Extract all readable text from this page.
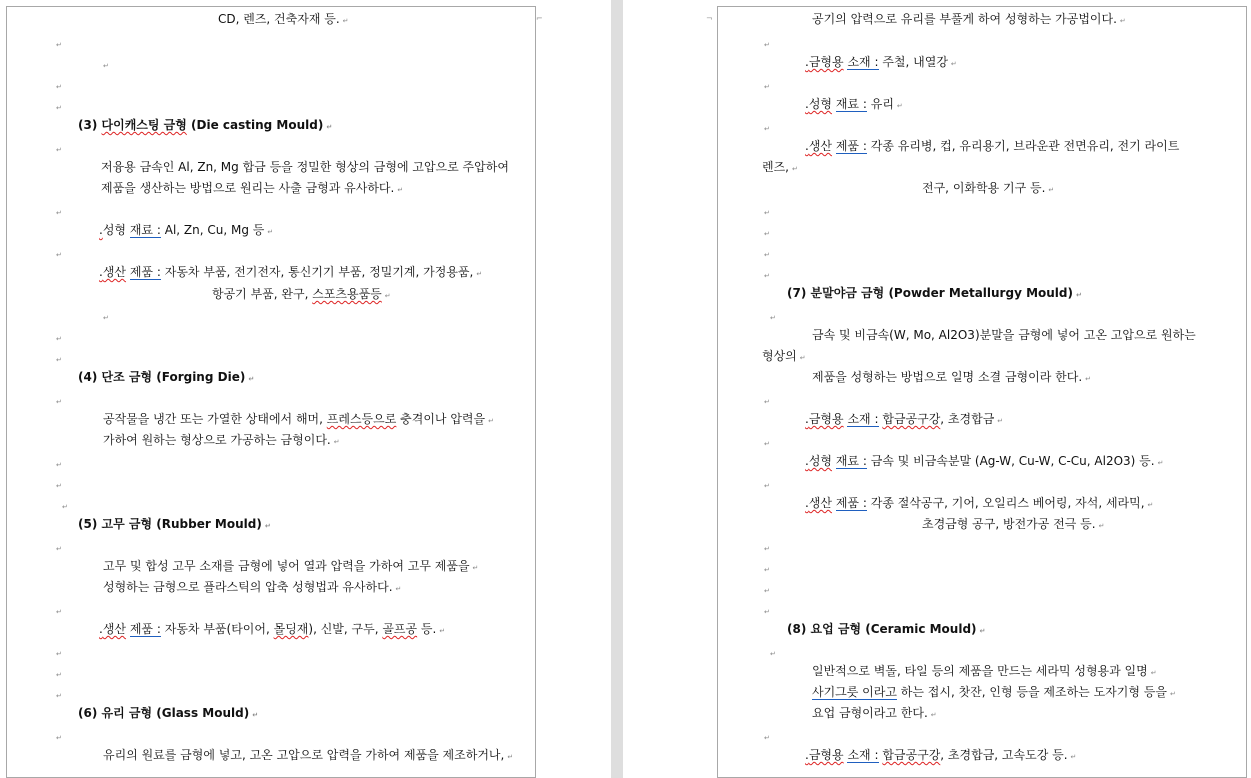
CD, 렌즈, 건축자재 등. ↵	⌐
↵
↵
↵
↵
(3) 다이캐스팅 금형 (Die casting Mould) ↵
↵
저융용 금속인 Al, Zn, Mg 합금 등을 정밀한 형상의 금형에 고압으로 주압하여
제품을 생산하는 방법으로 원리는 사출 금형과 유사하다. ↵
↵
.성형 재료 : Al, Zn, Cu, Mg 등 ↵
↵
.생산 제품 : 자동차 부품, 전기전자, 통신기기 부품, 정밀기계, 가정용품, ↵
항공기 부품, 완구, 스포츠용품등 ↵
↵
↵
↵
(4) 단조 금형 (Forging Die) ↵
↵
공작물을 냉간 또는 가열한 상태에서 해머, 프레스등으로 충격이나 압력을 ↵
가하여 원하는 형상으로 가공하는 금형이다. ↵
↵
↵
↵
(5) 고무 금형 (Rubber Mould) ↵
↵
고무 및 합성 고무 소재를 금형에 넣어 열과 압력을 가하여 고무 제품을 ↵
성형하는 금형으로 플라스틱의 압축 성형법과 유사하다. ↵
↵
.생산 제품 : 자동차 부품(타이어, 몰딩재), 신발, 구두, 골프공 등. ↵
↵
↵
↵
(6) 유리 금형 (Glass Mould) ↵
↵
유리의 원료를 금형에 넣고, 고온 고압으로 압력을 가하여 제품을 제조하거나, ↵
¬	공기의 압력으로 유리를 부풀게 하여 성형하는 가공법이다. ↵
↵
.금형용 소재 : 주철, 내열강 ↵
↵
.성형 재료 : 유리 ↵
↵
.생산 제품 : 각종 유리병, 컵, 유리용기, 브라운관 전면유리, 전기 라이트
렌즈, ↵
전구, 이화학용 기구 등. ↵
↵
↵
↵
↵
(7) 분말야금 금형 (Powder Metallurgy Mould) ↵
↵
금속 및 비금속(W, Mo, Al2O3)분말을 금형에 넣어 고온 고압으로 원하는
형상의 ↵
제품을 성형하는 방법으로 일명 소결 금형이라 한다. ↵
↵
.금형용 소재 : 합금공구강, 초경합금 ↵
↵
.성형 재료 : 금속 및 비금속분말 (Ag-W, Cu-W, C-Cu, Al2O3) 등. ↵
↵
.생산 제품 : 각종 절삭공구, 기어, 오일리스 베어링, 자석, 세라믹, ↵
초경금형 공구, 방전가공 전극 등. ↵
↵
↵
↵
↵
(8) 요업 금형 (Ceramic Mould) ↵
↵
일반적으로 벽돌, 타일 등의 제품을 만드는 세라믹 성형용과 일명 ↵
사기그릇 이라고 하는 접시, 찻잔, 인형 등을 제조하는 도자기형 등을 ↵
요업 금형이라고 한다. ↵
↵
.금형용 소재 : 합금공구강, 초경합금, 고속도강 등. ↵
